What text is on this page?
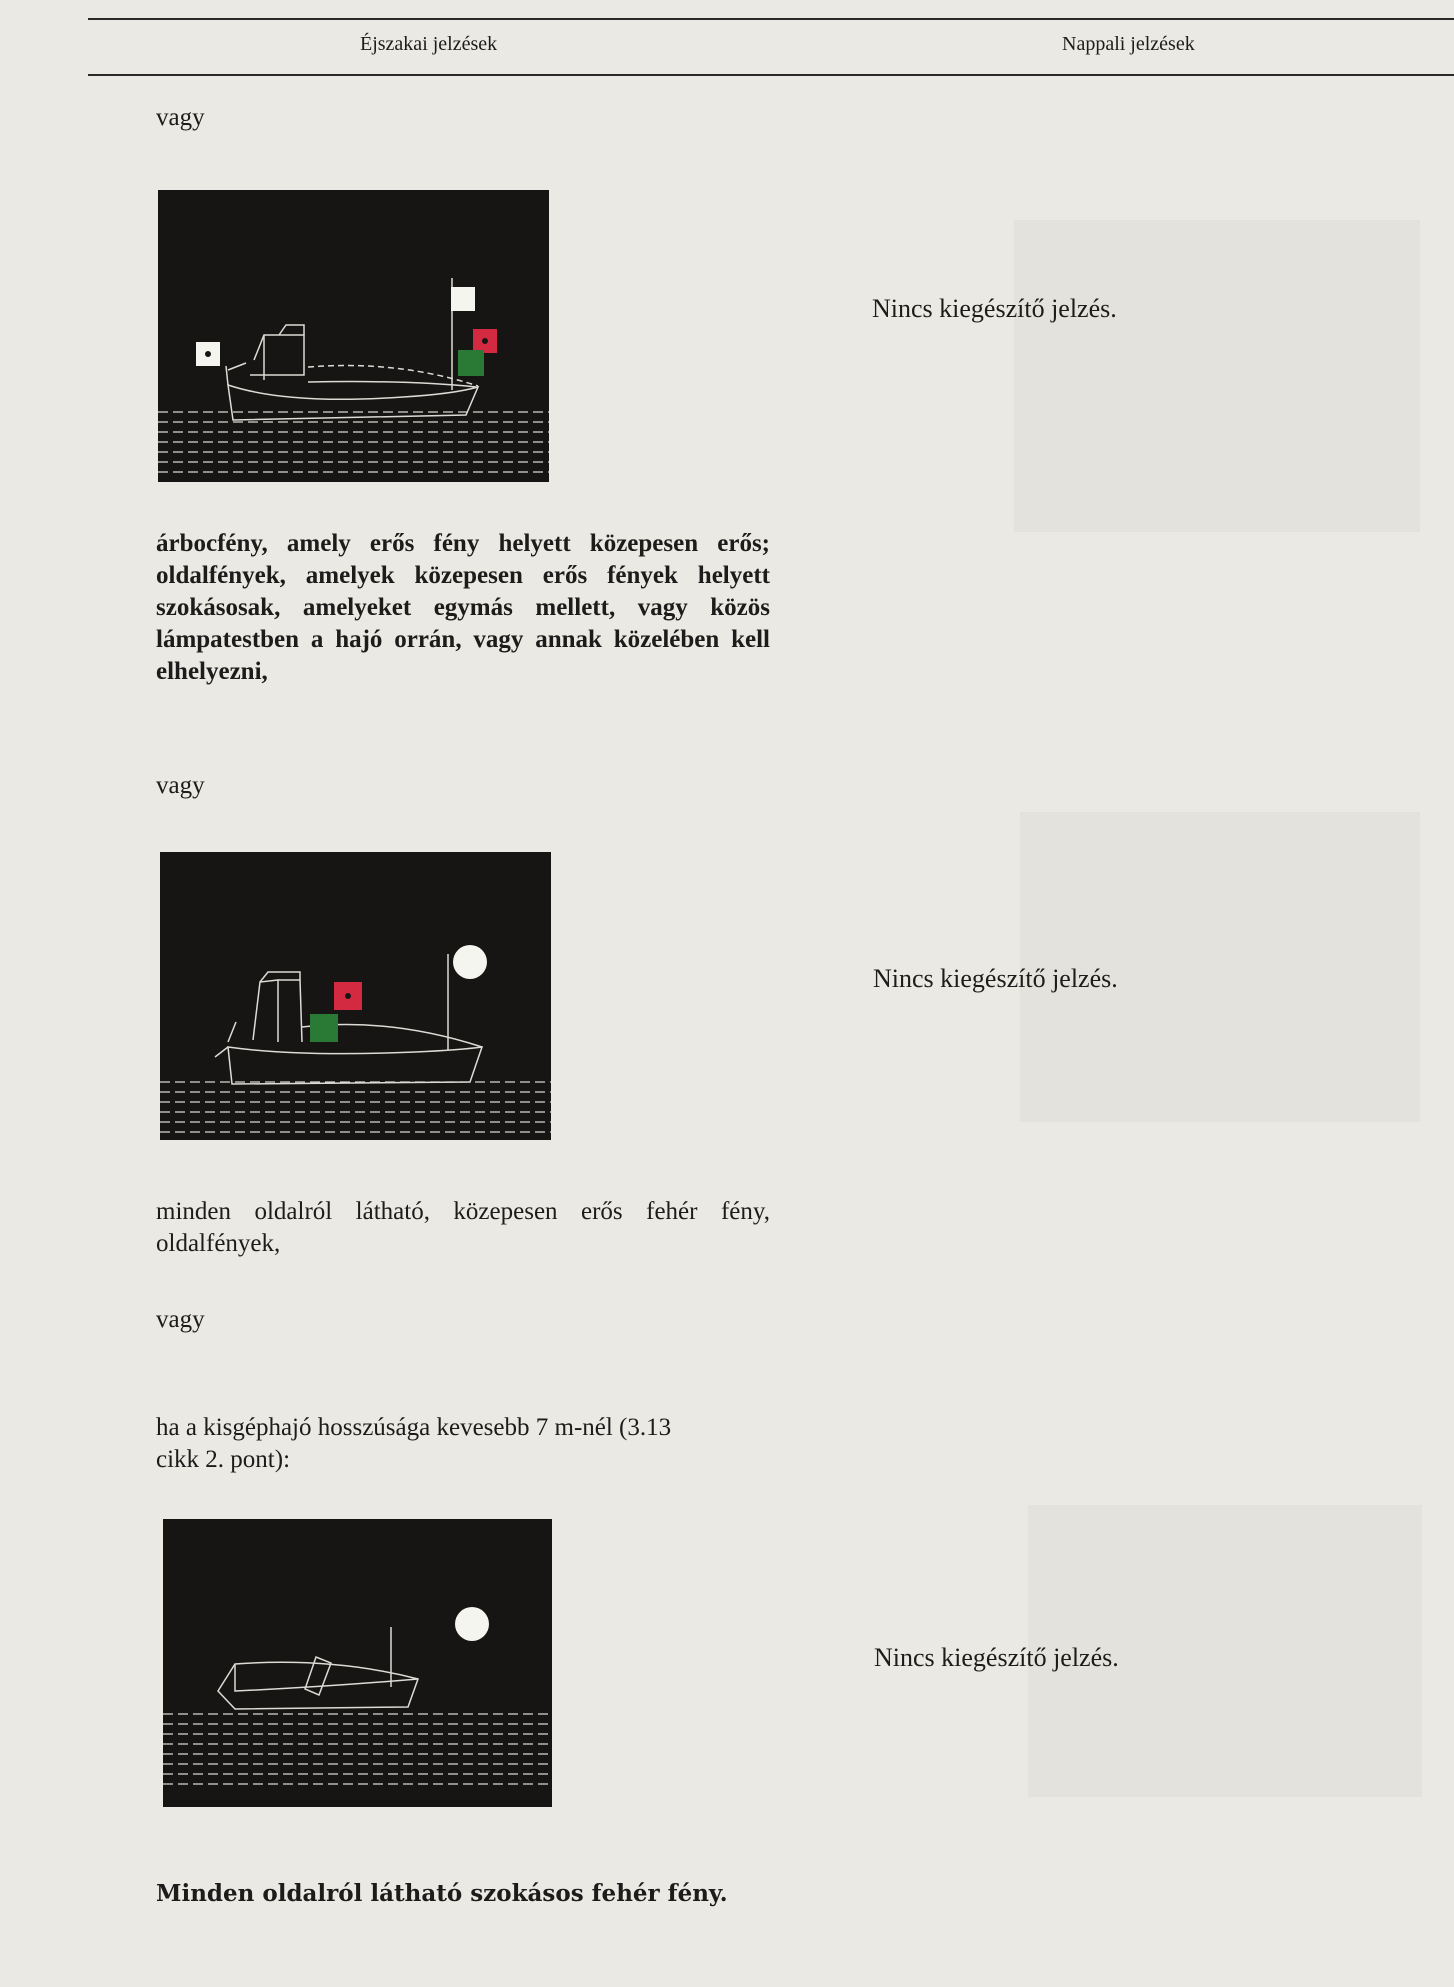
Éjszakai jelzések	Nappali jelzések
vagy
árbocfény, amely erős fény helyett közepesen erős; oldalfények, amelyek közepesen erős fények helyett szokásosak, amelyeket egymás mellett, vagy közös lámpatestben a hajó orrán, vagy annak közelében kell elhelyezni,
Nincs kiegészítő jelzés.
vagy
minden oldalról látható, közepesen erős fehér fény, oldalfények,
Nincs kiegészítő jelzés.
vagy
ha a kisgéphajó hosszúsága kevesebb 7 m-nél (3.13 cikk 2. pont):
Minden oldalról látható szokásos fehér fény.
Nincs kiegészítő jelzés.
